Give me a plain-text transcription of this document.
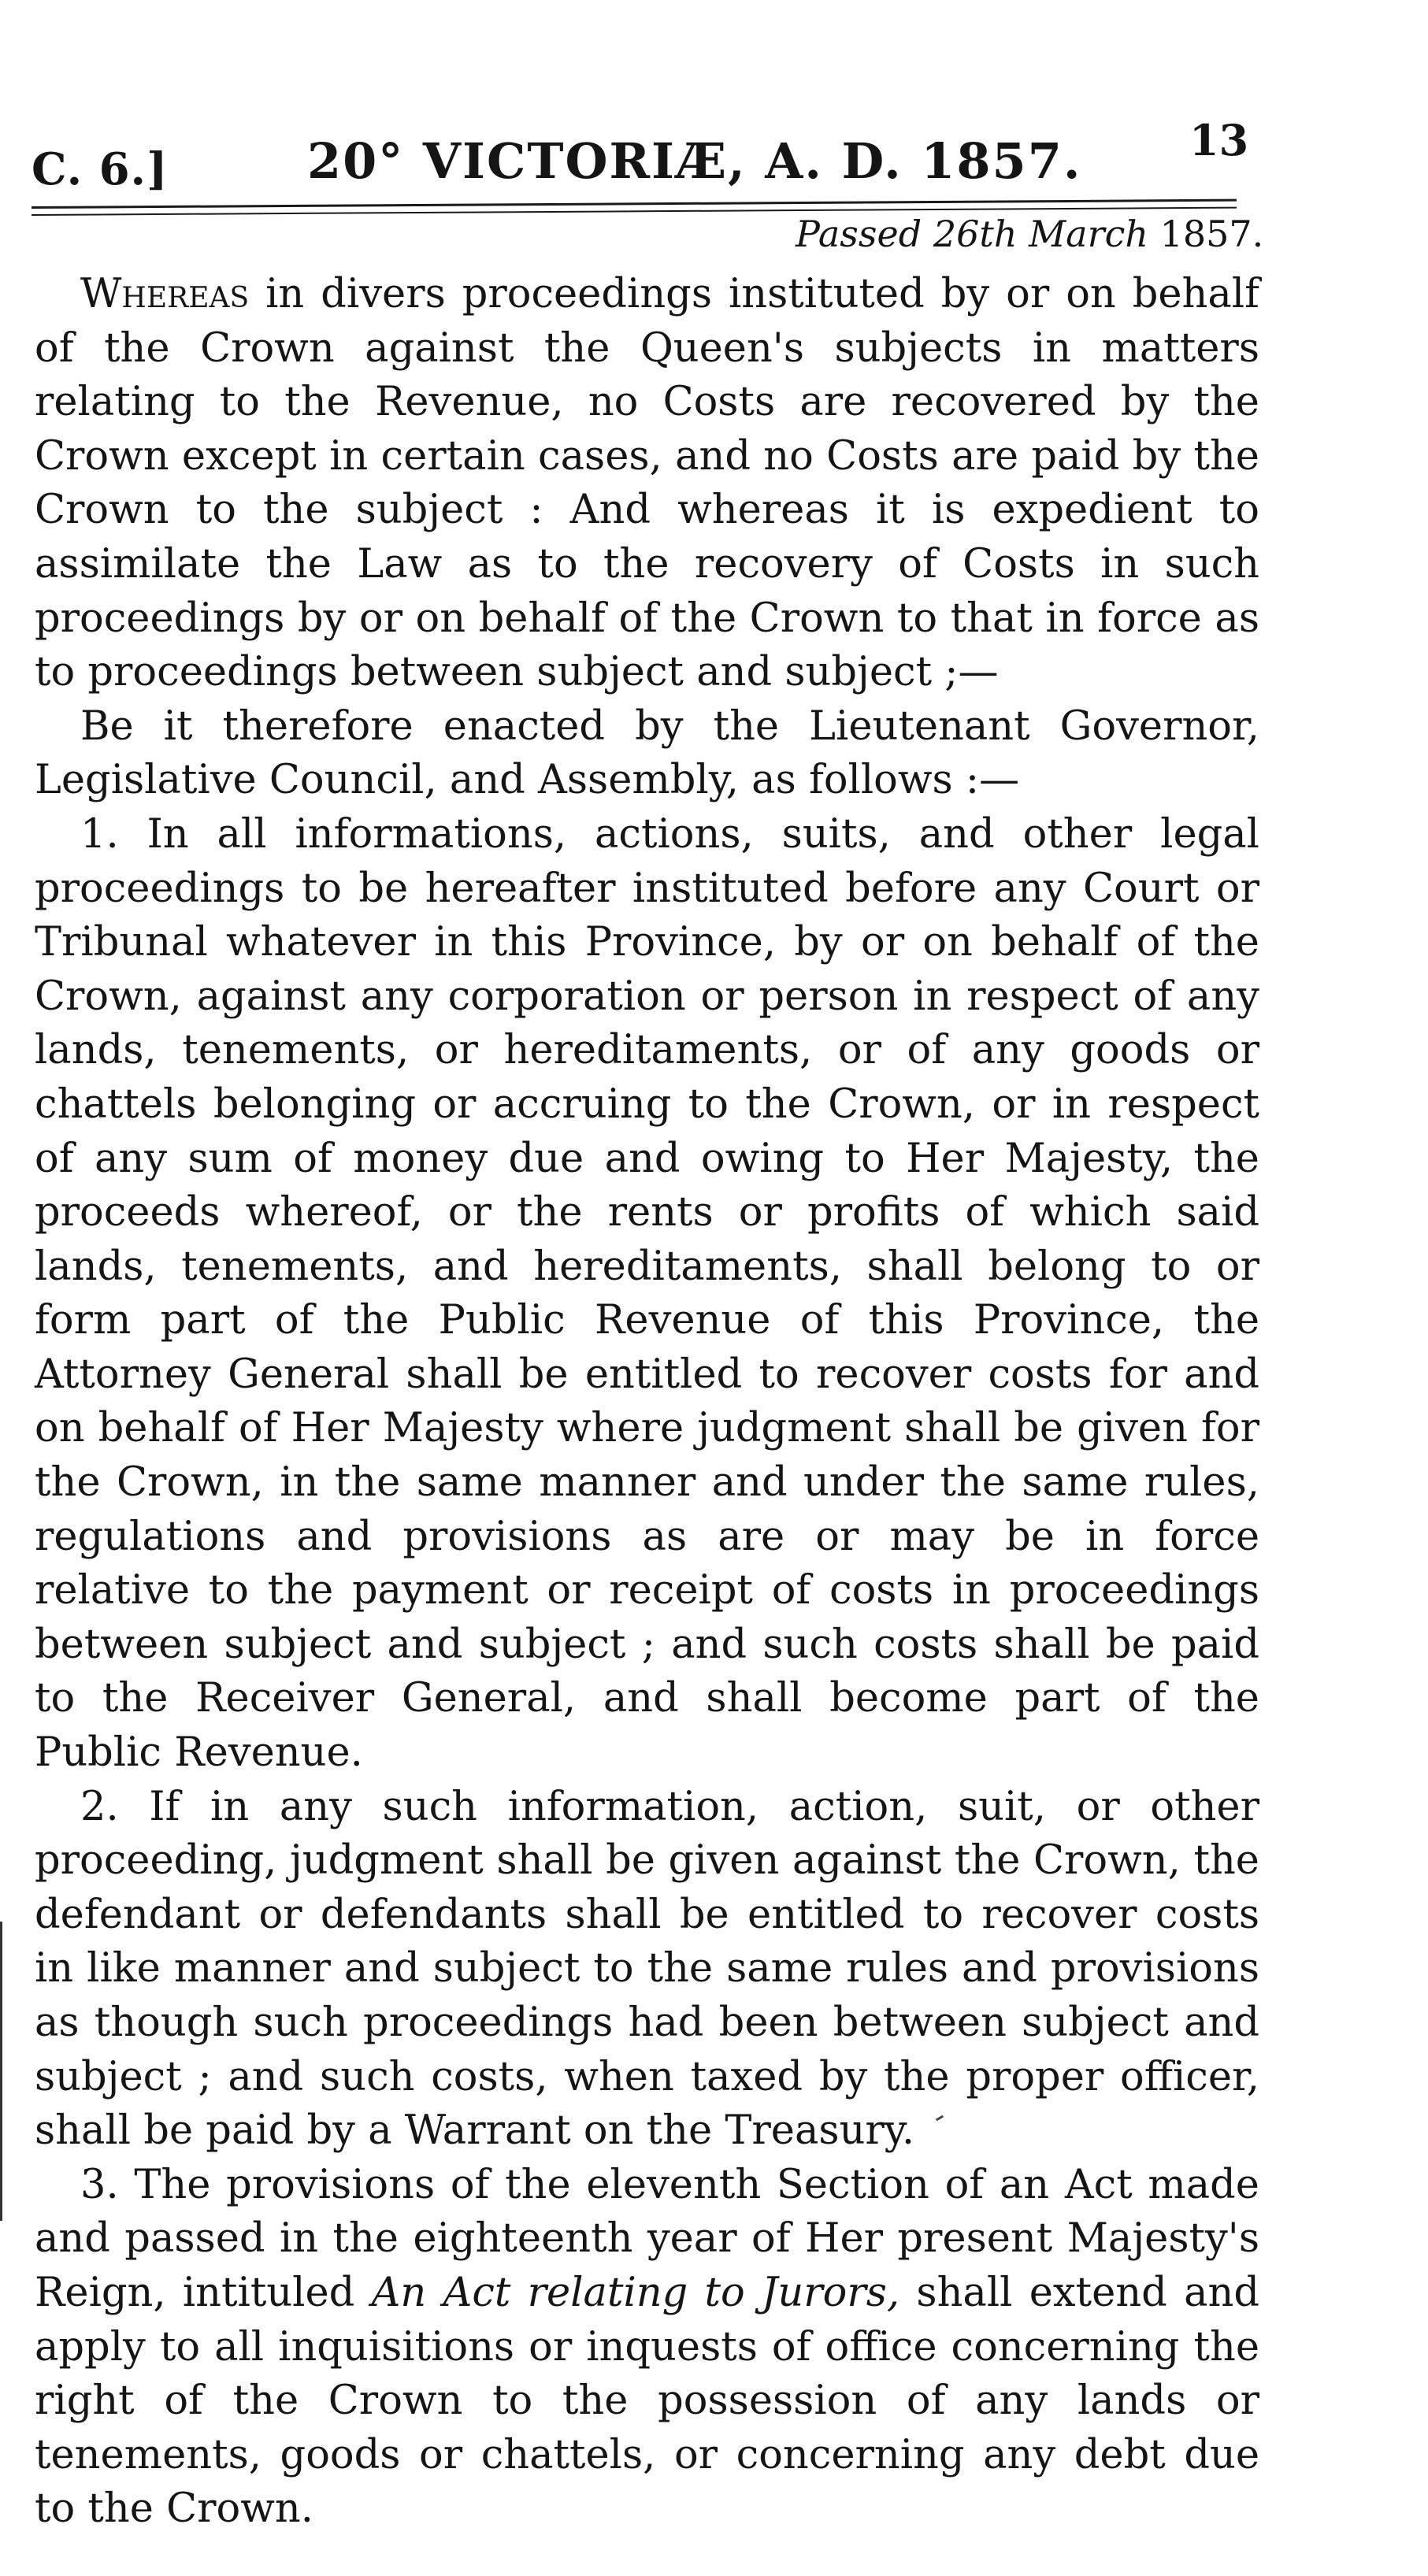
C. 6.]	20° VICTORIÆ, A. D. 1857.	13
Passed 26th March 1857.

Whereas in divers proceedings instituted by or on behalf of the Crown against the Queen's subjects in matters relating to the Revenue, no Costs are recovered by the Crown except in certain cases, and no Costs are paid by the Crown to the subject : And whereas it is expedient to assimilate the Law as to the recovery of Costs in such proceedings by or on behalf of the Crown to that in force as to proceedings between subject and subject ;—

Be it therefore enacted by the Lieutenant Governor, Legislative Council, and Assembly, as follows :—

1. In all informations, actions, suits, and other legal proceedings to be hereafter instituted before any Court or Tribunal whatever in this Province, by or on behalf of the Crown, against any corporation or person in respect of any lands, tenements, or hereditaments, or of any goods or chattels belonging or accruing to the Crown, or in respect of any sum of money due and owing to Her Majesty, the proceeds whereof, or the rents or profits of which said lands, tenements, and hereditaments, shall belong to or form part of the Public Revenue of this Province, the Attorney General shall be entitled to recover costs for and on behalf of Her Majesty where judgment shall be given for the Crown, in the same manner and under the same rules, regulations and provisions as are or may be in force relative to the payment or receipt of costs in proceedings between subject and subject ; and such costs shall be paid to the Receiver General, and shall become part of the Public Revenue.

2. If in any such information, action, suit, or other proceeding, judgment shall be given against the Crown, the defendant or defendants shall be entitled to recover costs in like manner and subject to the same rules and provisions as though such proceedings had been between subject and subject ; and such costs, when taxed by the proper officer, shall be paid by a Warrant on the Treasury.

3. The provisions of the eleventh Section of an Act made and passed in the eighteenth year of Her present Majesty's Reign, intituled An Act relating to Jurors, shall extend and apply to all inquisitions or inquests of office concerning the right of the Crown to the possession of any lands or tenements, goods or chattels, or concerning any debt due to the Crown.
